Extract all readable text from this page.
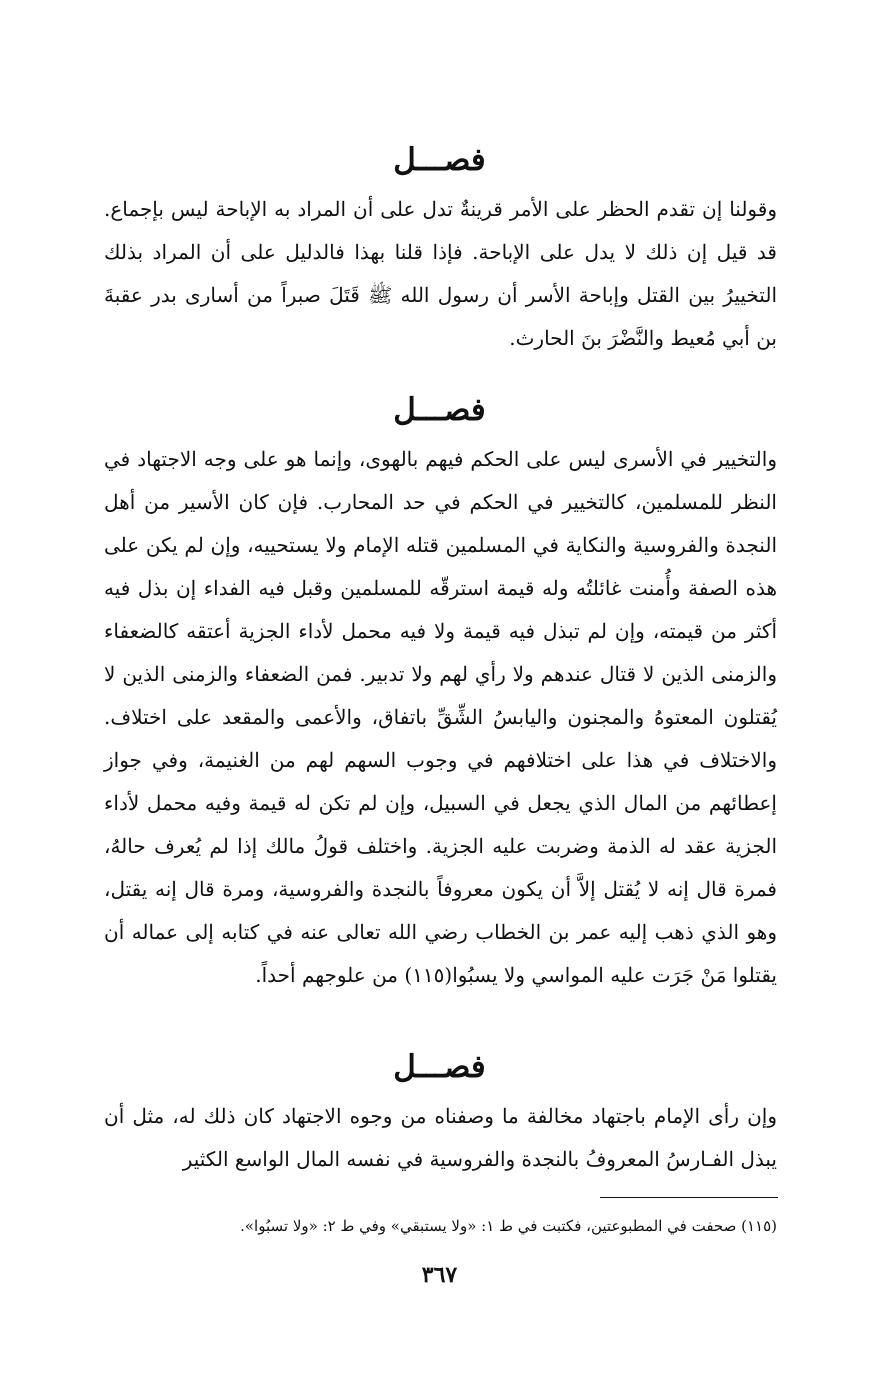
فصـــل
وقولنا إن تقدم الحظر على الأمر قرينةٌ تدل على أن المراد به الإباحة ليس بإجماع. قد قيل إن ذلك لا يدل على الإباحة. فإذا قلنا بهذا فالدليل على أن المراد بذلك التخييرُ بين القتل وإباحة الأسر أن رسول الله ﷺ قَتَلَ صبراً من أسارى بدر عقبةَ بن أبي مُعيط والنَّضْرَ بنَ الحارث.
فصـــل
والتخيير في الأسرى ليس على الحكم فيهم بالهوى، وإنما هو على وجه الاجتهاد في النظر للمسلمين، كالتخيير في الحكم في حد المحارب. فإن كان الأسير من أهل النجدة والفروسية والنكاية في المسلمين قتله الإمام ولا يستحييه، وإن لم يكن على هذه الصفة وأُمنت غائلتُه وله قيمة استرقّه للمسلمين وقبل فيه الفداء إن بذل فيه أكثر من قيمته، وإن لم تبذل فيه قيمة ولا فيه محمل لأداء الجزية أعتقه كالضعفاء والزمنى الذين لا قتال عندهم ولا رأي لهم ولا تدبير. فمن الضعفاء والزمنى الذين لا يُقتلون المعتوهُ والمجنون واليابسُ الشِّقِّ باتفاق، والأعمى والمقعد على اختلاف. والاختلاف في هذا على اختلافهم في وجوب السهم لهم من الغنيمة، وفي جواز إعطائهم من المال الذي يجعل في السبيل، وإن لم تكن له قيمة وفيه محمل لأداء الجزية عقد له الذمة وضربت عليه الجزية. واختلف قولُ مالك إذا لم يُعرف حالهُ، فمرة قال إنه لا يُقتل إلاَّ أن يكون معروفاً بالنجدة والفروسية، ومرة قال إنه يقتل، وهو الذي ذهب إليه عمر بن الخطاب رضي الله تعالى عنه في كتابه إلى عماله أن يقتلوا مَنْ جَرَت عليه المواسي ولا يسبُوا(١١٥) من علوجهم أحداً.
فصـــل
وإن رأى الإمام باجتهاد مخالفة ما وصفناه من وجوه الاجتهاد كان ذلك له، مثل أن يبذل الفـارسُ المعروفُ بالنجدة والفروسية في نفسه المال الواسع الكثير
(١١٥) صحفت في المطبوعتين، فكتبت في ط ١: «ولا يستبقي» وفي ط ٢: «ولا تسبُوا».
٣٦٧
